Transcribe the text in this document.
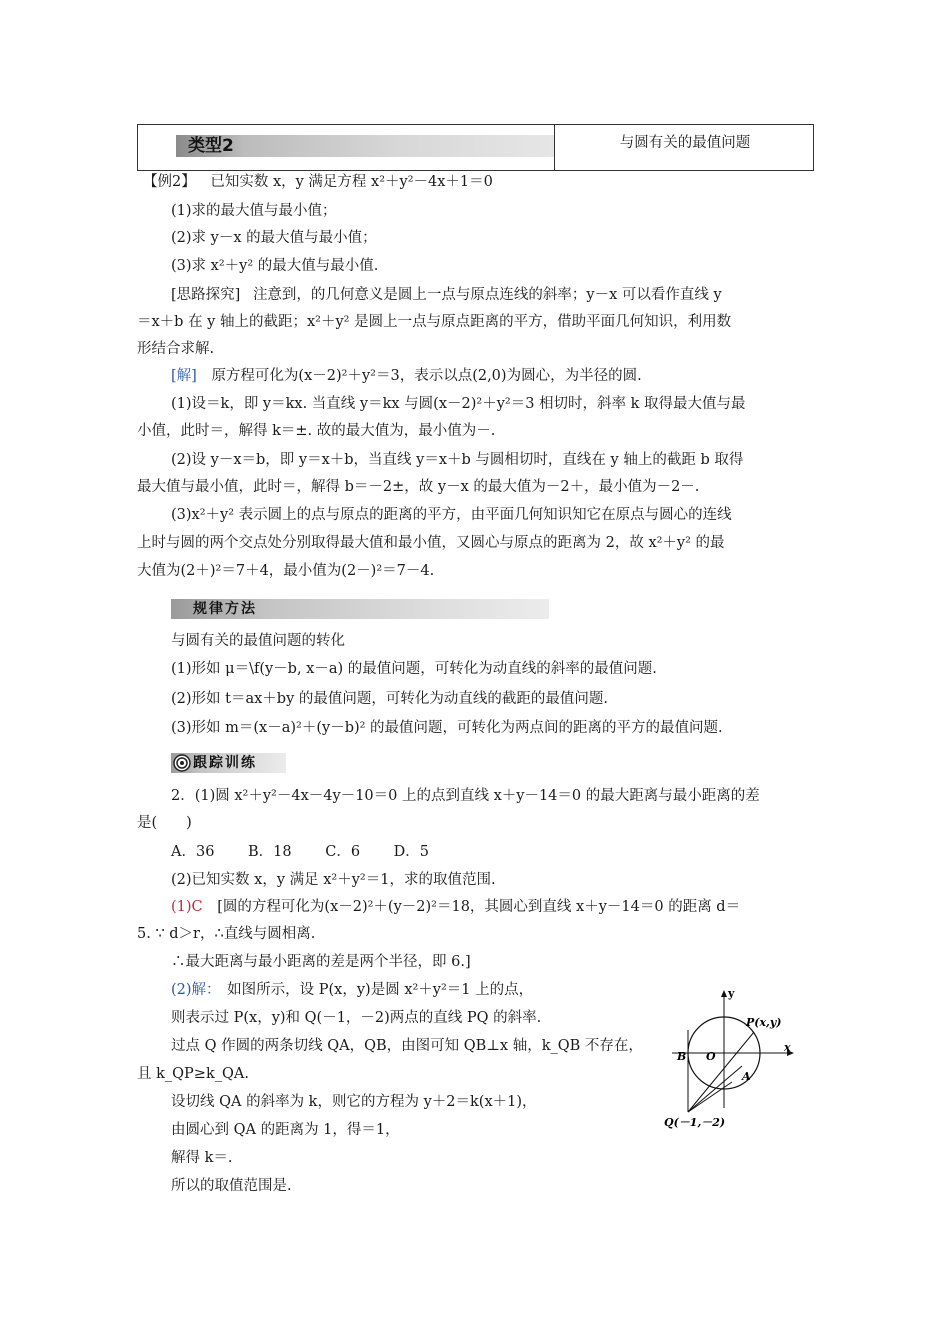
类型2	与圆有关的最值问题
【例2】 已知实数 x，y 满足方程 x²＋y²－4x＋1＝0
(1)求的最大值与最小值；
(2)求 y－x 的最大值与最小值；
(3)求 x²＋y² 的最大值与最小值.
[思路探究] 注意到，的几何意义是圆上一点与原点连线的斜率；y－x 可以看作直线 y
＝x＋b 在 y 轴上的截距；x²＋y² 是圆上一点与原点距离的平方，借助平面几何知识，利用数
形结合求解.
[解] 原方程可化为(x－2)²＋y²＝3，表示以点(2,0)为圆心，为半径的圆.
(1)设＝k，即 y＝kx. 当直线 y＝kx 与圆(x－2)²＋y²＝3 相切时，斜率 k 取得最大值与最
小值，此时＝，解得 k＝±. 故的最大值为，最小值为－.
(2)设 y－x＝b，即 y＝x＋b，当直线 y＝x＋b 与圆相切时，直线在 y 轴上的截距 b 取得
最大值与最小值，此时＝，解得 b＝－2±，故 y－x 的最大值为－2＋，最小值为－2－.
(3)x²＋y² 表示圆上的点与原点的距离的平方，由平面几何知识知它在原点与圆心的连线
上时与圆的两个交点处分别取得最大值和最小值，又圆心与原点的距离为 2，故 x²＋y² 的最
大值为(2＋)²＝7＋4，最小值为(2－)²＝7－4.
规律方法
与圆有关的最值问题的转化
(1)形如 μ＝\f(y－b, x－a) 的最值问题，可转化为动直线的斜率的最值问题.
(2)形如 t＝ax＋by 的最值问题，可转化为动直线的截距的最值问题.
(3)形如 m＝(x－a)²＋(y－b)² 的最值问题，可转化为两点间的距离的平方的最值问题.
跟踪训练
2．(1)圆 x²＋y²－4x－4y－10＝0 上的点到直线 x＋y－14＝0 的最大距离与最小距离的差
是(　　)
A．36　　 B．18　　 C．6　　 D．5
(2)已知实数 x，y 满足 x²＋y²＝1，求的取值范围.
(1)C [圆的方程可化为(x－2)²＋(y－2)²＝18，其圆心到直线 x＋y－14＝0 的距离 d＝
5. ∵ d＞r，∴直线与圆相离.
∴最大距离与最小距离的差是两个半径，即 6.]
(2)解： 如图所示，设 P(x，y)是圆 x²＋y²＝1 上的点，
则表示过 P(x，y)和 Q(－1，－2)两点的直线 PQ 的斜率.
过点 Q 作圆的两条切线 QA，QB，由图可知 QB⊥x 轴，k_QB 不存在，
且 k_QP≥k_QA.
设切线 QA 的斜率为 k，则它的方程为 y＋2＝k(x＋1)，
由圆心到 QA 的距离为 1，得＝1，
解得 k＝.
所以的取值范围是.
y
x
O
B
A
P(x,y)
Q(－1,－2)
